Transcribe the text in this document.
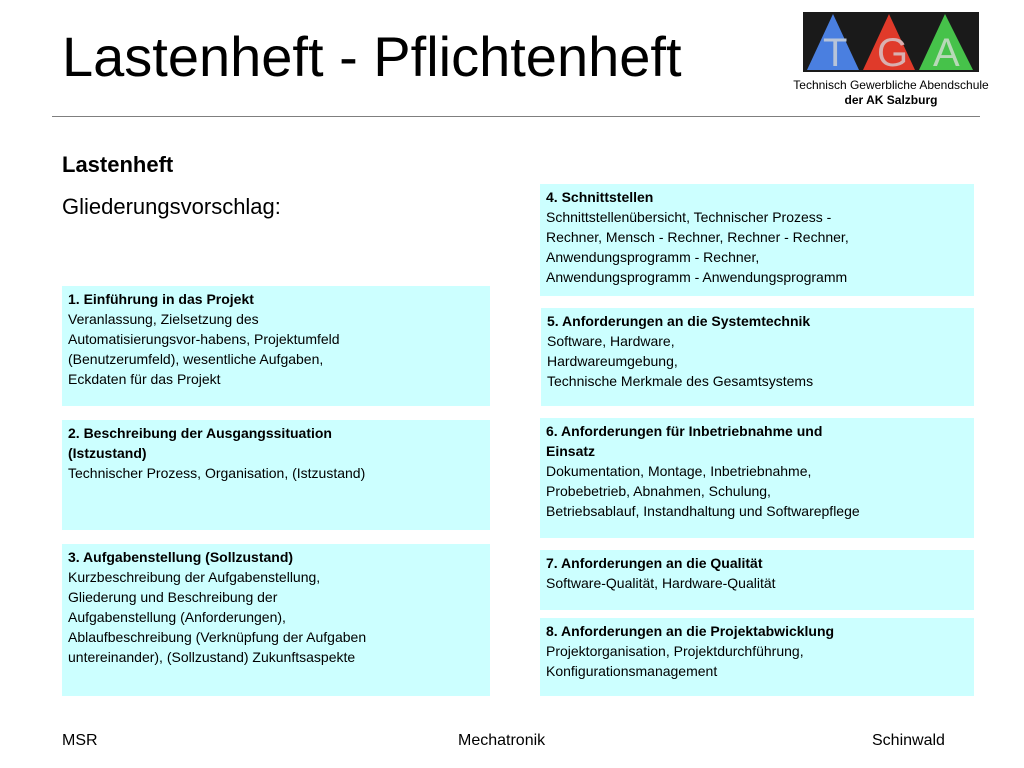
Lastenheft - Pflichtenheft	T G A
Technisch Gewerbliche Abendschule
der AK Salzburg
Lastenheft
Gliederungsvorschlag:
1. Einführung in das Projekt
Veranlassung, Zielsetzung des
Automatisierungsvor-habens, Projektumfeld
(Benutzerumfeld), wesentliche Aufgaben,
Eckdaten für das Projekt
2. Beschreibung der Ausgangssituation
(Istzustand)
Technischer Prozess, Organisation, (Istzustand)
3. Aufgabenstellung (Sollzustand)
Kurzbeschreibung der Aufgabenstellung,
Gliederung und Beschreibung der
Aufgabenstellung (Anforderungen),
Ablaufbeschreibung (Verknüpfung der Aufgaben
untereinander), (Sollzustand) Zukunftsaspekte
4. Schnittstellen
Schnittstellenübersicht, Technischer Prozess -
Rechner, Mensch - Rechner, Rechner - Rechner,
Anwendungsprogramm - Rechner,
Anwendungsprogramm - Anwendungsprogramm
5. Anforderungen an die Systemtechnik
Software, Hardware,
Hardwareumgebung,
Technische Merkmale des Gesamtsystems
6. Anforderungen für Inbetriebnahme und
Einsatz
Dokumentation, Montage, Inbetriebnahme,
Probebetrieb, Abnahmen, Schulung,
Betriebsablauf, Instandhaltung und Softwarepflege
7. Anforderungen an die Qualität
Software-Qualität, Hardware-Qualität
8. Anforderungen an die Projektabwicklung
Projektorganisation, Projektdurchführung,
Konfigurationsmanagement
MSR	Mechatronik	Schinwald
